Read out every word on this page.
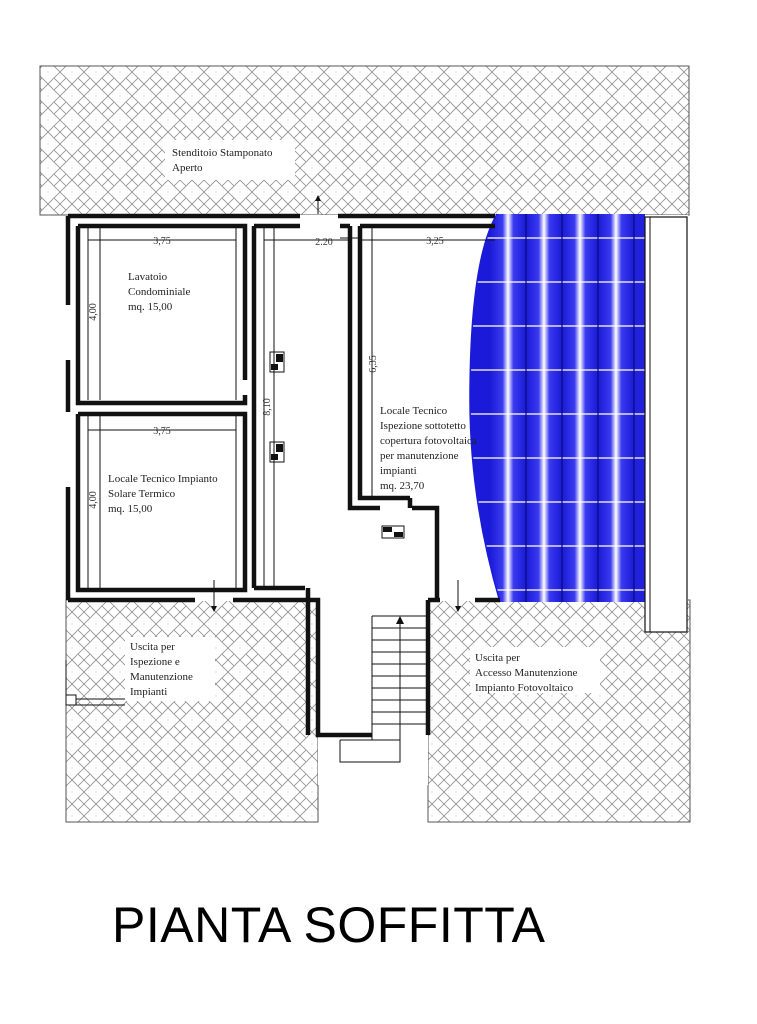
3,75	2.20	3,25
3,75
4,00
4,00
8,10
6,35
Stenditoio Stamponato
Aperto
Lavatoio
Condominiale
mq. 15,00
Locale Tecnico Impianto
Solare Termico
mq. 15,00
Locale Tecnico
Ispezione sottotetto
copertura fotovoltaica
per manutenzione
impianti
mq. 23,70
Uscita per
Ispezione e
Manutenzione
Impianti
Uscita per
Accesso Manutenzione
Impianto Fotovoltaico
PIANTA SOFFITTA
